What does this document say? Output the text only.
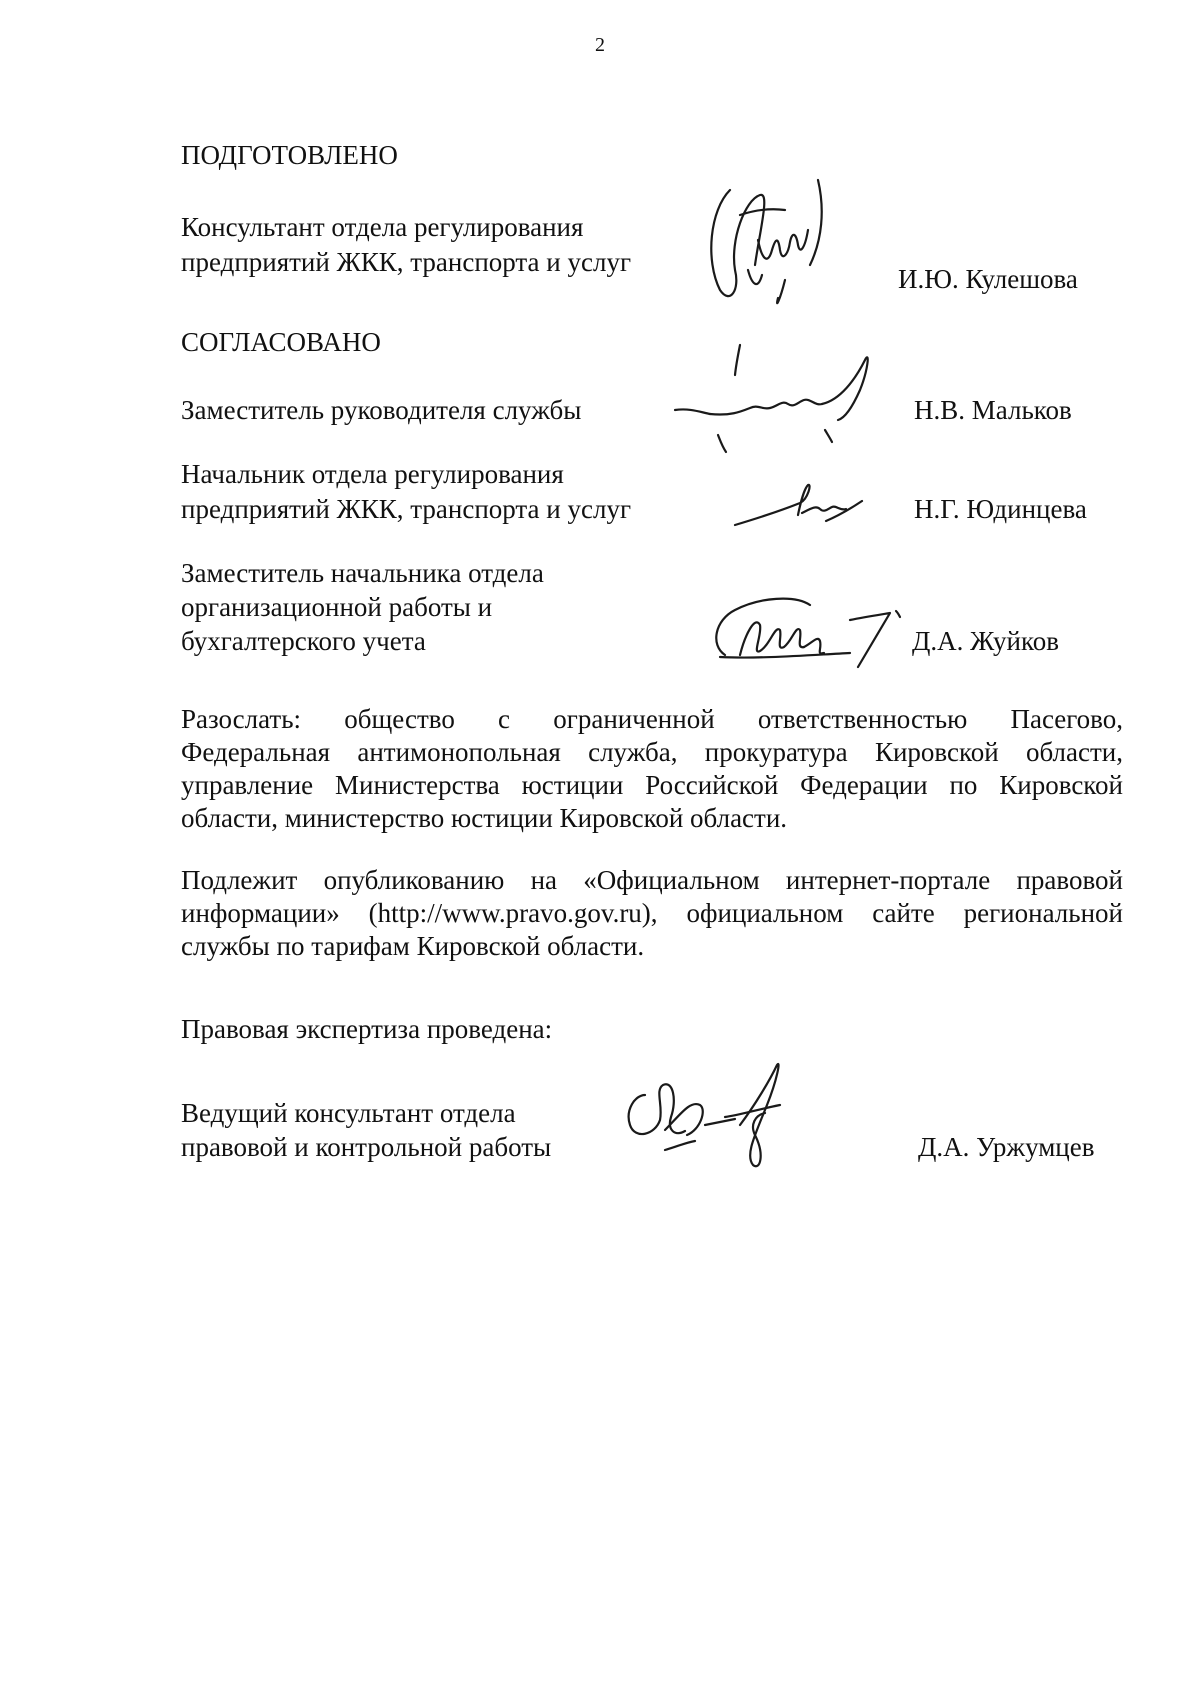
2
ПОДГОТОВЛЕНО
Консультант отдела регулирования
предприятий ЖКК, транспорта и услуг
И.Ю. Кулешова
СОГЛАСОВАНО
Заместитель руководителя службы	Н.В. Мальков
Начальник отдела регулирования
предприятий ЖКК, транспорта и услуг	Н.Г. Юдинцева
Заместитель начальника отдела
организационной работы и
бухгалтерского учета	Д.А. Жуйков
Разослать: общество с ограниченной ответственностью Пасегово,
Федеральная антимонопольная служба, прокуратура Кировской области,
управление Министерства юстиции Российской Федерации по Кировской
области, министерство юстиции Кировской области.
Подлежит опубликованию на «Официальном интернет-портале правовой
информации» (http://www.pravo.gov.ru), официальном сайте региональной
службы по тарифам Кировской области.
Правовая экспертиза проведена:
Ведущий консультант отдела
правовой и контрольной работы	Д.А. Уржумцев
